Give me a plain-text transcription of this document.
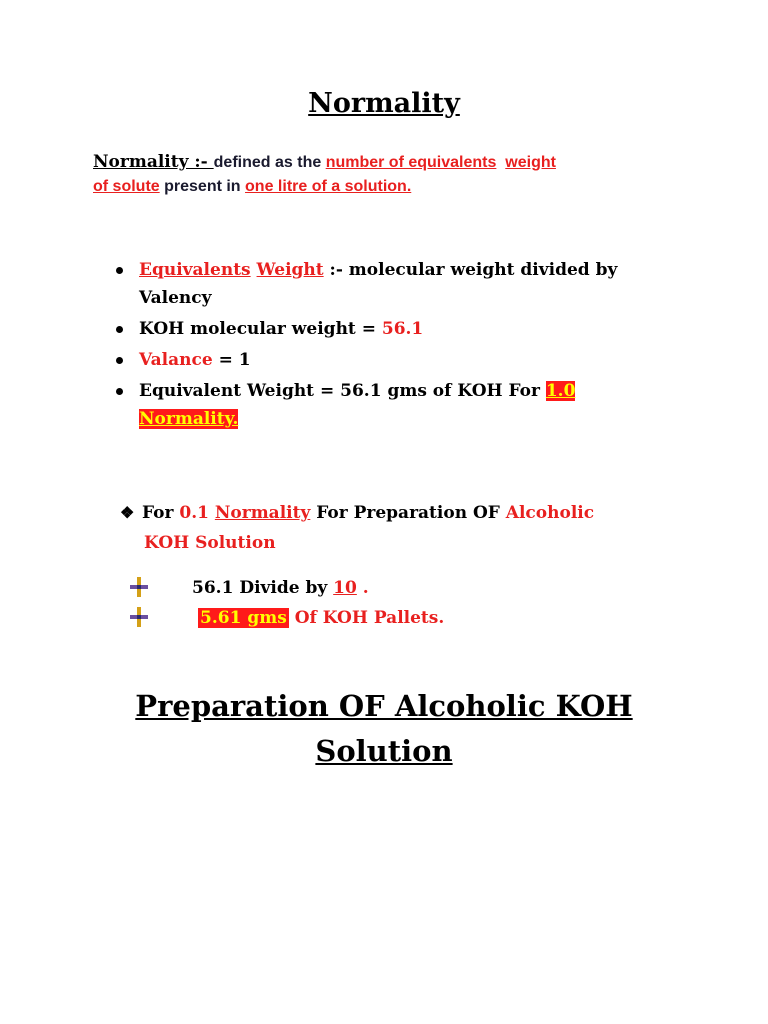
Normality
Normality :- defined as the number of equivalents weight
of solute present in one litre of a solution.
Equivalents Weight :- molecular weight divided by
Valency
KOH molecular weight = 56.1
Valance = 1
Equivalent Weight = 56.1 gms of KOH For 1.0
Normality.
❖ For 0.1 Normality For Preparation OF Alcoholic
KOH Solution
56.1 Divide by 10 .
5.61 gms Of KOH Pallets.
Preparation OF Alcoholic KOH
Solution
